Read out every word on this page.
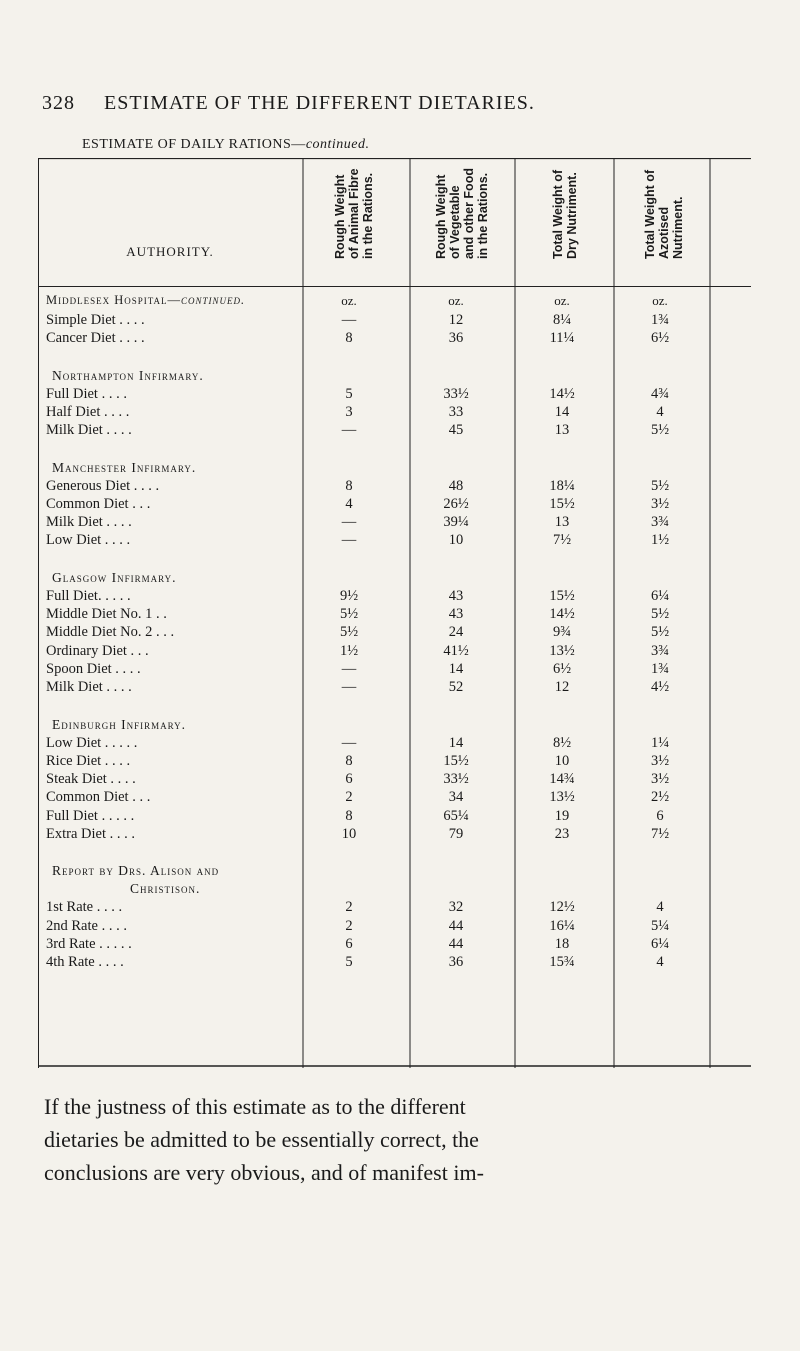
328 ESTIMATE OF THE DIFFERENT DIETARIES.
ESTIMATE OF DAILY RATIONS—continued.
AUTHORITY.	Rough Weight of Animal Fibre in the Rations.	Rough Weight of Vegetable and other Food in the Rations.	Total Weight of Dry Nutriment.	Total Weight of Azotised Nutriment.
Middlesex Hospital—continued.	oz.	oz.	oz.	oz.
Simple Diet . . . .	—	12	8¼	1¾
Cancer Diet . . . .	8	36	11¼	6½
Northampton Infirmary.
Full Diet . . . .	5	33½	14½	4¾
Half Diet . . . .	3	33	14	4
Milk Diet . . . .	—	45	13	5½
Manchester Infirmary.
Generous Diet . . . .	8	48	18¼	5½
Common Diet . . .	4	26½	15½	3½
Milk Diet . . . .	—	39¼	13	3¾
Low Diet . . . .	—	10	7½	1½
Glasgow Infirmary.
Full Diet. . . . .	9½	43	15½	6¼
Middle Diet No. 1 . .	5½	43	14½	5½
Middle Diet No. 2 . . .	5½	24	9¾	5½
Ordinary Diet . . .	1½	41½	13½	3¾
Spoon Diet . . . .	—	14	6½	1¾
Milk Diet . . . .	—	52	12	4½
Edinburgh Infirmary.
Low Diet . . . . .	—	14	8½	1¼
Rice Diet . . . .	8	15½	10	3½
Steak Diet . . . .	6	33½	14¾	3½
Common Diet . . .	2	34	13½	2½
Full Diet . . . . .	8	65¼	19	6
Extra Diet . . . .	10	79	23	7½
Report by Drs. Alison and
Christison.
1st Rate . . . .	2	32	12½	4
2nd Rate . . . .	2	44	16¼	5¼
3rd Rate . . . . .	6	44	18	6¼
4th Rate . . . .	5	36	15¾	4
If the justness of this estimate as to the different
dietaries be admitted to be essentially correct, the
conclusions are very obvious, and of manifest im-
